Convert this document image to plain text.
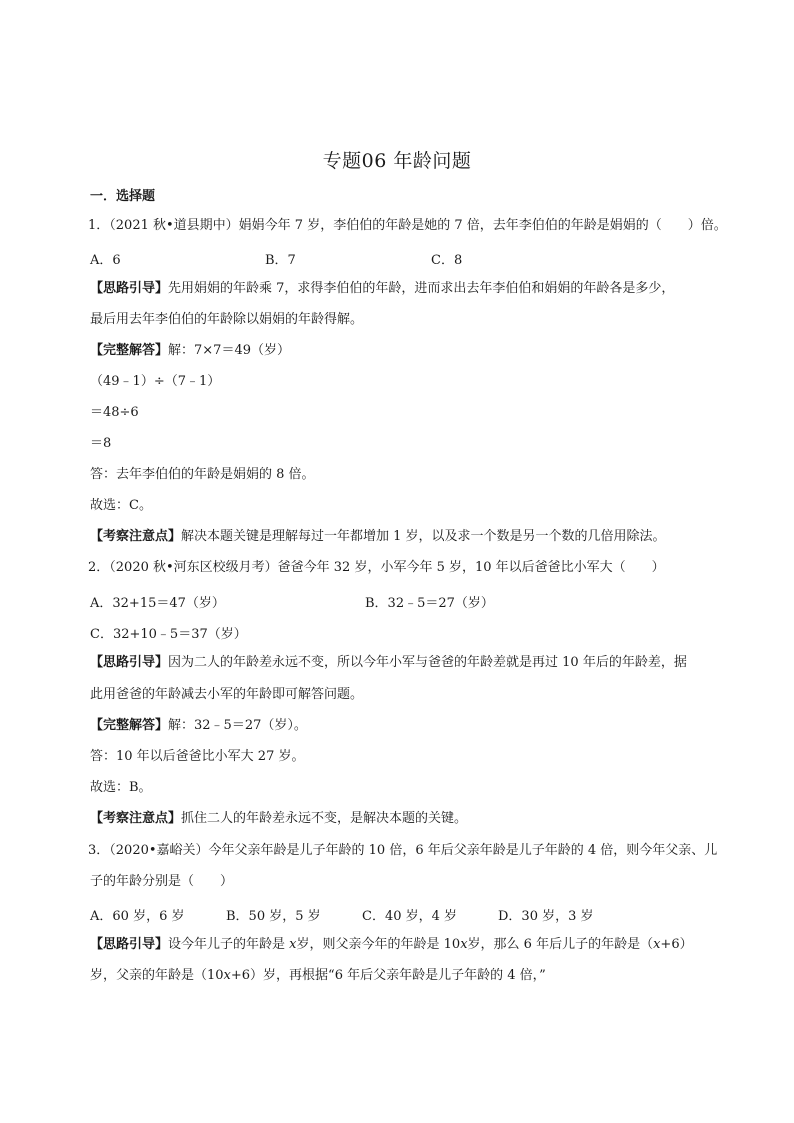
专题06 年龄问题
一．选择题
1．（2021 秋•道县期中）娟娟今年 7 岁，李伯伯的年龄是她的 7 倍，去年李伯伯的年龄是娟娟的（　　）倍。
A．6	B．7	C．8
【思路引导】先用娟娟的年龄乘 7，求得李伯伯的年龄，进而求出去年李伯伯和娟娟的年龄各是多少，
最后用去年李伯伯的年龄除以娟娟的年龄得解。
【完整解答】解：7×7＝49（岁）
（49﹣1）÷（7﹣1）
＝48÷6
＝8
答：去年李伯伯的年龄是娟娟的 8 倍。
故选：C。
【考察注意点】解决本题关键是理解每过一年都增加 1 岁，以及求一个数是另一个数的几倍用除法。
2．（2020 秋•河东区校级月考）爸爸今年 32 岁，小军今年 5 岁，10 年以后爸爸比小军大（　　）
A．32+15＝47（岁）	B．32﹣5＝27（岁）
C．32+10﹣5＝37（岁）
【思路引导】因为二人的年龄差永远不变，所以今年小军与爸爸的年龄差就是再过 10 年后的年龄差，据
此用爸爸的年龄减去小军的年龄即可解答问题。
【完整解答】解：32﹣5＝27（岁）。
答：10 年以后爸爸比小军大 27 岁。
故选：B。
【考察注意点】抓住二人的年龄差永远不变，是解决本题的关键。
3．（2020•嘉峪关）今年父亲年龄是儿子年龄的 10 倍，6 年后父亲年龄是儿子年龄的 4 倍，则今年父亲、儿
子的年龄分别是（　　）
A．60 岁，6 岁	B．50 岁，5 岁	C．40 岁，4 岁	D．30 岁，3 岁
【思路引导】设今年儿子的年龄是 x岁，则父亲今年的年龄是 10x岁，那么 6 年后儿子的年龄是（x+6）
岁，父亲的年龄是（10x+6）岁，再根据“6 年后父亲年龄是儿子年龄的 4 倍，”
